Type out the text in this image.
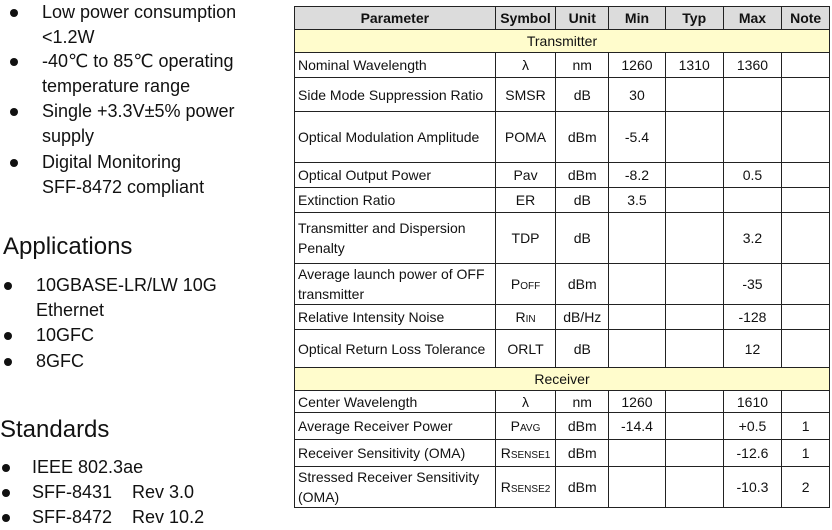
Low power consumption
<1.2W
-40℃ to 85℃ operating
temperature range
Single +3.3V±5% power
supply
Digital Monitoring
SFF-8472 compliant
Applications
10GBASE-LR/LW 10G
Ethernet
10GFC
8GFC
Standards
IEEE 802.3ae
SFF-8431    Rev 3.0
SFF-8472    Rev 10.2
Parameter	Symbol	Unit	Min	Typ	Max	Note
Transmitter						
Nominal Wavelength	λ	nm	1260	1310	1360	
Side Mode Suppression Ratio	SMSR	dB	30			
Optical Modulation Amplitude	POMA	dBm	-5.4			
Optical Output Power	Pav	dBm	-8.2		0.5	
Extinction Ratio	ER	dB	3.5			
Transmitter and Dispersion Penalty	TDP	dB			3.2	
Average launch power of OFF transmitter	POFF	dBm			-35	
Relative Intensity Noise	RIN	dB/Hz			-128	
Optical Return Loss Tolerance	ORLT	dB			12	
Receiver						
Center Wavelength	λ	nm	1260		1610	
Average Receiver Power	PAVG	dBm	-14.4		+0.5	1
Receiver Sensitivity (OMA)	RSENSE1	dBm			-12.6	1
Stressed Receiver Sensitivity (OMA)	RSENSE2	dBm			-10.3	2
